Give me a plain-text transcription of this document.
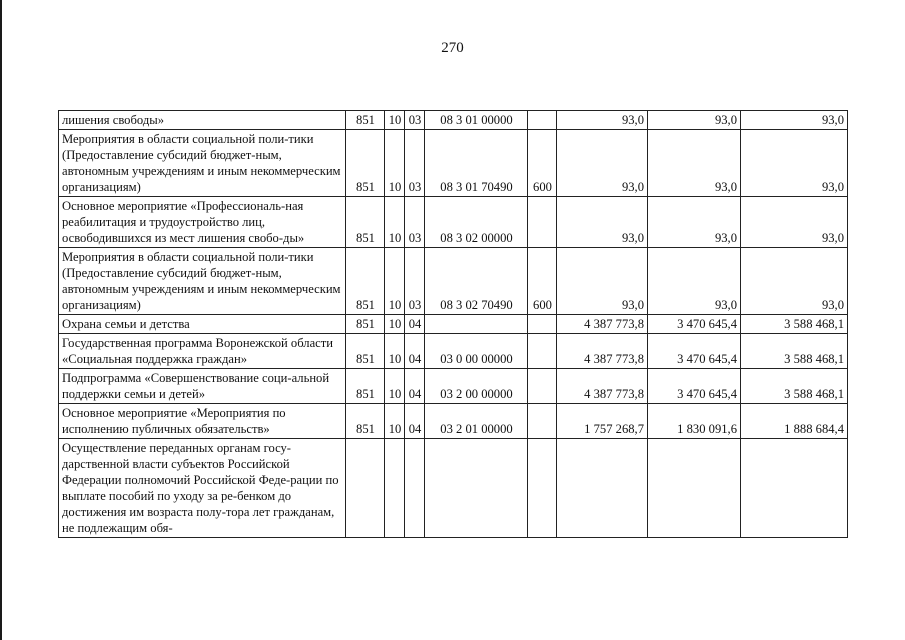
270
лишения свободы»	851	10	03	08 3 01 00000		93,0	93,0	93,0
Мероприятия в области социальной поли-тики (Предоставление субсидий бюджет-ным, автономным учреждениям и иным некоммерческим организациям)	851	10	03	08 3 01 70490	600	93,0	93,0	93,0
Основное мероприятие «Профессиональ-ная реабилитация и трудоустройство лиц, освободившихся из мест лишения свобо-ды»	851	10	03	08 3 02 00000		93,0	93,0	93,0
Мероприятия в области социальной поли-тики (Предоставление субсидий бюджет-ным, автономным учреждениям и иным некоммерческим организациям)	851	10	03	08 3 02 70490	600	93,0	93,0	93,0
Охрана семьи и детства	851	10	04			4 387 773,8	3 470 645,4	3 588 468,1
Государственная программа Воронежской области «Социальная поддержка граждан»	851	10	04	03 0 00 00000		4 387 773,8	3 470 645,4	3 588 468,1
Подпрограмма «Совершенствование соци-альной поддержки семьи и детей»	851	10	04	03 2 00 00000		4 387 773,8	3 470 645,4	3 588 468,1
Основное мероприятие «Мероприятия по исполнению публичных обязательств»	851	10	04	03 2 01 00000		1 757 268,7	1 830 091,6	1 888 684,4
Осуществление переданных органам госу-дарственной власти субъектов Российской Федерации полномочий Российской Феде-рации по выплате пособий по уходу за ре-бенком до достижения им возраста полу-тора лет гражданам, не подлежащим обя-								
